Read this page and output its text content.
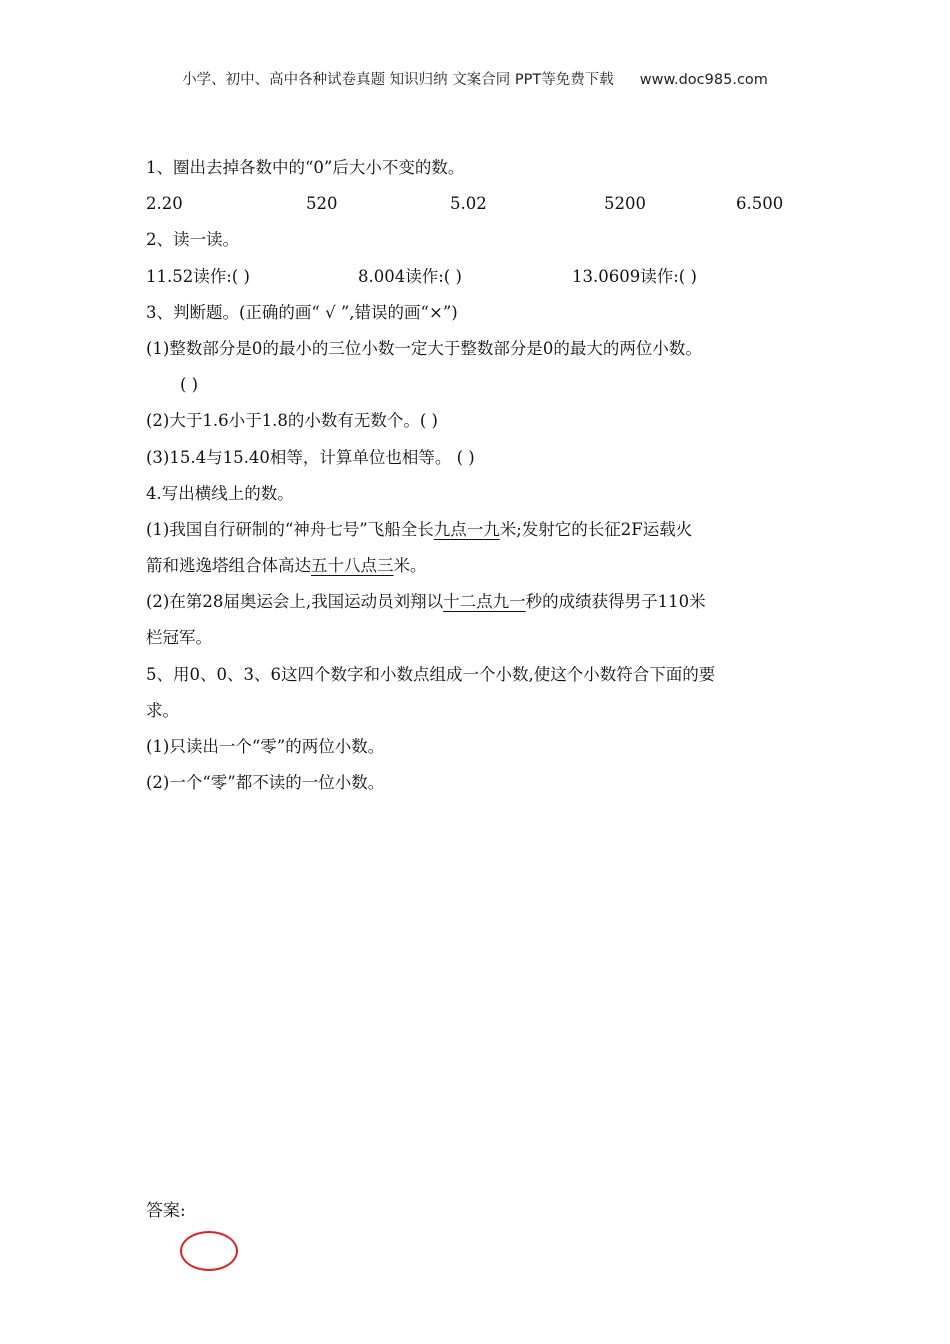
小学、初中、高中各种试卷真题 知识归纳 文案合同 PPT等免费下载 www.doc985.com
1、圈出去掉各数中的“0”后大小不变的数。
2.20	520	5.02	5200	6.500
2、读一读。
11.52读作:( )	8.004读作:( )	13.0609读作:( )
3、判断题。(正确的画“ √ ”,错误的画“×”)
(1)整数部分是0的最小的三位小数一定大于整数部分是0的最大的两位小数。
( )
(2)大于1.6小于1.8的小数有无数个。( )
(3)15.4与15.40相等，计算单位也相等。 ( )
4.写出横线上的数。
(1)我国自行研制的“神舟七号”飞船全长九点一九米;发射它的长征2F运载火
箭和逃逸塔组合体高达五十八点三米。
(2)在第28届奥运会上,我国运动员刘翔以十二点九一秒的成绩获得男子110米
栏冠军。
5、用0、0、3、6这四个数字和小数点组成一个小数,使这个小数符合下面的要
求。
(1)只读出一个“零”的两位小数。
(2)一个“零”都不读的一位小数。
答案:
